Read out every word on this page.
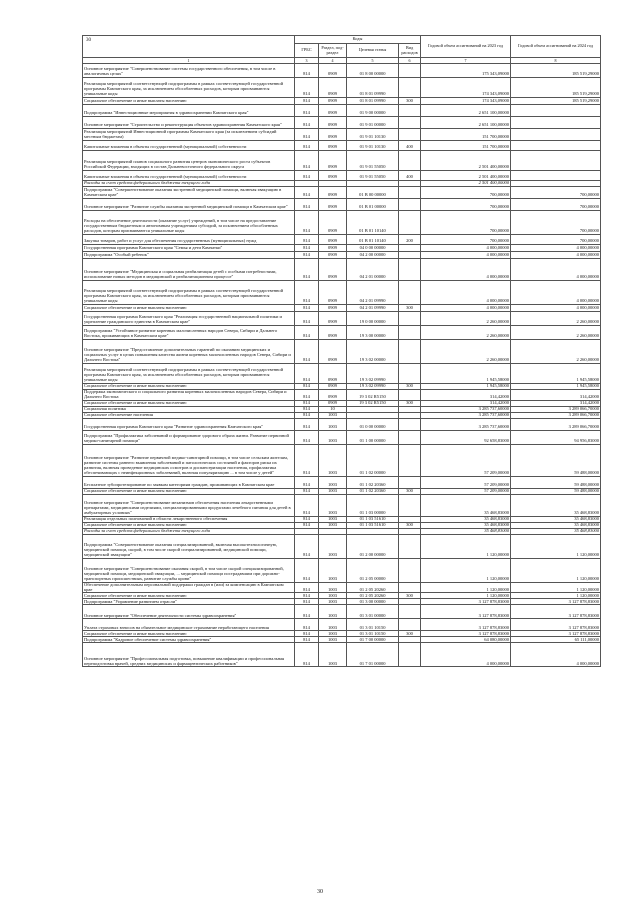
30
		Коды				Годовой объем ассигнований на 2023 год	Годовой объем ассигнований на 2024 год
	ГРБС	Раздел, под-раздел	Целевая статья	Вид расходов		
1	3	4	5	6	7	8
Основное мероприятие "Совершенствование системы государственного обеспечения, в том числе в аналогичных целях"	814	0909	01 8 00 00000		175 343,09000	185 519,29000
Реализация мероприятий соответствующей подпрограммы в рамках соответствующей государственной программы Камчатского края, за исключением обособленных расходов, которым присваиваются уникальные коды	814	0909	01 8 01 09990		174 343,09000	185 519,29000
Социальное обеспечение и иные выплаты населению	814	0909	01 8 01 09990	300	174 343,09000	185 519,29000
Подпрограмма "Инвестиционные мероприятия в здравоохранении Камчатского края"	814	0909	01 9 00 00000		2 651 100,00000	
Основное мероприятие "Строительство и реконструкция объектов здравоохранения Камчатского края"	814	0909	01 9 01 00000		2 651 100,00000	
Реализация мероприятий Инвестиционной программы Камчатского края (за исключением субсидий местным бюджетам)	814	0909	01 9 01 10130		151 700,00000	
Капитальные вложения в объекты государственной (муниципальной) собственности	814	0909	01 9 01 10130	400	151 700,00000	
Реализация мероприятий планов социального развития центров экономического роста субъектов Российской Федерации, входящих в состав Дальневосточного федерального округа	814	0909	01 9 01 55050		2 501 400,00000	
Капитальные вложения в объекты государственной (муниципальной) собственности	814	0909	01 9 01 55050	400	2 501 400,00000	
Расходы за счет средств федерального бюджета текущего года					2 501 400,00000	
Подпрограмма "Совершенствование оказания экстренной медицинской помощи, включая эвакуацию в Камчатском крае"	814	0909	01 В 00 00000		700,00000	700,00000
Основное мероприятие "Развитие службы оказания экстренной медицинской помощи в Камчатском крае"	814	0909	01 В 01 00000		700,00000	700,00000
Расходы на обеспечение деятельности (оказание услуг) учреждений, в том числе на предоставление государственным бюджетным и автономным учреждениям субсидий, за исключением обособленных расходов, которым присваиваются уникальные коды	814	0909	01 В 01 10140		700,00000	700,00000
Закупка товаров, работ и услуг для обеспечения государственных (муниципальных) нужд	814	0909	01 В 01 10140	200	700,00000	700,00000
Государственная программа Камчатского края "Семья и дети Камчатки"	814	0909	04 0 00 00000		4 000,00000	4 000,00000
Подпрограмма "Особый ребенок"	814	0909	04 2 00 00000		4 000,00000	4 000,00000
Основное мероприятие "Медицинская и социальная реабилитация детей с особыми потребностями, использование новых методов в медицинской и реабилитационном процессе"	814	0909	04 2 01 00000		4 000,00000	4 000,00000
Реализация мероприятий соответствующей подпрограммы в рамках соответствующей государственной программы Камчатского края, за исключением обособленных расходов, которым присваиваются уникальные коды	814	0909	04 2 01 09990		4 000,00000	4 000,00000
Социальное обеспечение и иные выплаты населению	814	0909	04 2 01 09990	300	4 000,00000	4 000,00000
Государственная программа Камчатского края "Реализация государственной национальной политики и укрепление гражданского единства в Камчатском крае"	814	0909	19 0 00 00000		2 260,00000	2 260,00000
Подпрограмма "Устойчивое развитие коренных малочисленных народов Севера, Сибири и Дальнего Востока, проживающих в Камчатском крае"	814	0909	19 3 00 00000		2 260,00000	2 260,00000
Основное мероприятие "Предоставление дополнительных гарантий по оказанию медицинских и социальных услуг в целях повышения качества жизни коренных малочисленных народов Севера, Сибири и Дальнего Востока"	814	0909	19 3 02 00000		2 260,00000	2 260,00000
Реализация мероприятий соответствующей подпрограммы в рамках соответствующей государственной программы Камчатского края, за исключением обособленных расходов, которым присваиваются уникальные коды	814	0909	19 3 02 09990		1 945,58000	1 945,58000
Социальное обеспечение и иные выплаты населению	814	0909	19 3 02 09990	300	1 945,58000	1 945,58000
Поддержка экономического и социального развития коренных малочисленных народов Севера, Сибири и Дальнего Востока	814	0909	19 3 02 R5150		314,42000	314,42000
Социальное обеспечение и иные выплаты населению	814	0909	19 3 02 R5150	300	314,42000	314,42000
Социальная политика	814	10			3 285 737,60000	3 289 066,70000
Социальное обеспечение населения	814	1003			3 285 737,60000	3 289 066,70000
Государственная программа Камчатского края "Развитие здравоохранения Камчатского края"	814	1003	01 0 00 00000		3 285 737,60000	3 289 066,70000
Подпрограмма "Профилактика заболеваний и формирование здорового образа жизни. Развитие первичной медико-санитарной помощи"	814	1003	01 1 00 00000		92 658,83000	94 956,83000
Основное мероприятие "Развитие первичной медико-санитарной помощи, в том числе сельским жителям, развитие системы раннего выявления заболеваний и патологических состояний и факторов риска их развития, включая проведение медицинских осмотров и диспансеризации населения, профилактика обеспечивающих с неинфекционных заболеваний, включая популяризацию ... в том числе у детей"	814	1003	01 1 02 00000		57 209,00000	59 488,00000
Бесплатное зубопротезирование по заявкам категориям граждан, проживающих в Камчатском крае	814	1003	01 1 02 20360		57 209,00000	59 488,00000
Социальное обеспечение и иные выплаты населению	814	1003	01 1 02 20360	300	57 209,00000	59 488,00000
Основное мероприятие "Совершенствование механизмов обеспечения населения лекарственными препаратами, медицинскими изделиями, специализированными продуктами лечебного питания для детей в амбулаторных условиях"	814	1003	01 1 03 00000		35 468,83000	35 468,83000
Реализация отдельных полномочий в области лекарственного обеспечения	814	1003	01 1 03 51610		35 468,83000	35 468,83000
Социальное обеспечение и иные выплаты населению	814	1003	01 1 03 51610	300	35 468,83000	35 468,83000
Расходы за счет средств федерального бюджета текущего года					35 468,83000	35 468,83000
Подпрограмма "Совершенствование оказания специализированной, включая высокотехнологичную, медицинской помощи, скорой, в том числе скорой специализированной, медицинской помощи, медицинской эвакуации"	814	1003	01 2 00 00000		1 120,00000	1 120,00000
Основное мероприятие "Совершенствование оказания скорой, в том числе скорой специализированной, медицинской помощи, медицинской эвакуации, ... медицинской помощи пострадавшим при дорожно-транспортных происшествиях, развитие службы крови"	814	1003	01 2 05 00000		1 120,00000	1 120,00000
Обеспечение дополнительным персональной поддержки граждан в (или) за компенсацию в Камчатском крае	814	1003	01 2 05 20260		1 120,00000	1 120,00000
Социальное обеспечение и иные выплаты населению	814	1003	01 2 05 20260	300	1 120,00000	1 120,00000
Подпрограмма "Управление развитием отрасли"	814	1003	01 3 00 00000		3 127 878,83000	3 127 878,83000
Основное мероприятие "Обеспечение деятельности системы здравоохранения"	814	1003	01 3 01 00000		3 127 878,83000	3 127 878,83000
Уплата страховых взносов на обязательное медицинское страхование неработающего населения	814	1003	01 3 01 10150		3 127 878,83000	3 127 878,83000
Социальное обеспечение и иные выплаты населению	814	1003	01 3 01 10150	300	3 127 878,83000	3 127 878,83000
Подпрограмма "Кадровое обеспечение системы здравоохранения"	814	1003	01 7 00 00000		64 080,00000	65 111,00000
Основное мероприятие "Профессиональная подготовка, повышение квалификации и профессиональная переподготовка врачей, средних медицинских и фармацевтических работников"	814	1003	01 7 01 00000		4 000,00000	4 000,00000
30
